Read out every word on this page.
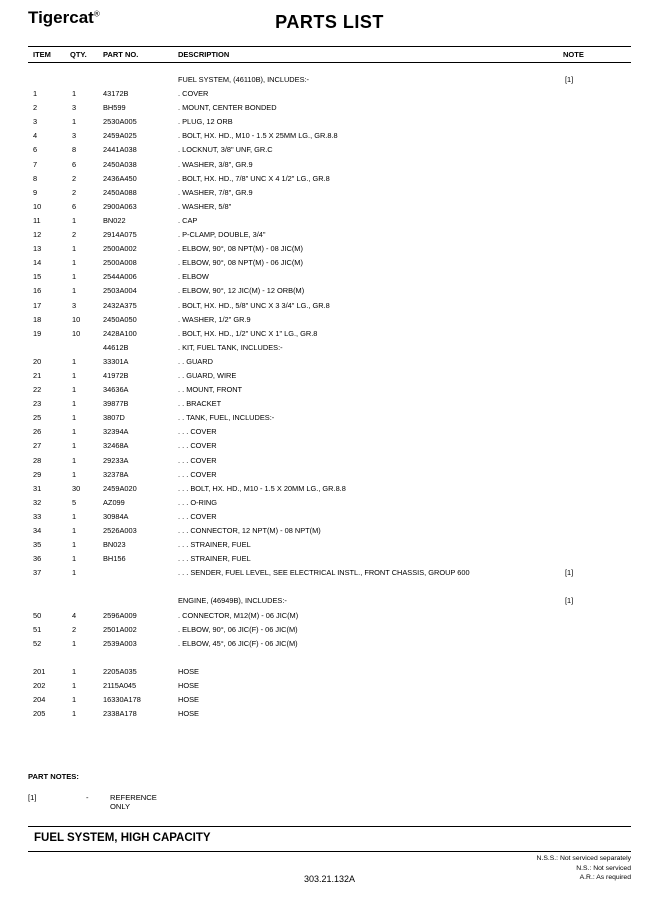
Tigercat®	PARTS LIST
ITEM	QTY. PART NO.	DESCRIPTION	NOTE
FUEL SYSTEM, (46110B), INCLUDES:-	[1]
1	1	43172B	. COVER
2	3	BH599	. MOUNT, CENTER BONDED
3	1	2530A005	. PLUG, 12 ORB
4	3	2459A025	. BOLT, HX. HD., M10 - 1.5 X 25MM LG., GR.8.8
6	8	2441A038	. LOCKNUT, 3/8" UNF, GR.C
7	6	2450A038	. WASHER, 3/8", GR.9
8	2	2436A450	. BOLT, HX. HD., 7/8" UNC X 4 1/2" LG., GR.8
9	2	2450A088	. WASHER, 7/8", GR.9
10	6	2900A063	. WASHER, 5/8"
11	1	BN022	. CAP
12	2	2914A075	. P-CLAMP, DOUBLE, 3/4"
13	1	2500A002	. ELBOW, 90°, 08 NPT(M) - 08 JIC(M)
14	1	2500A008	. ELBOW, 90°, 08 NPT(M) - 06 JIC(M)
15	1	2544A006	. ELBOW
16	1	2503A004	. ELBOW, 90°, 12 JIC(M) - 12 ORB(M)
17	3	2432A375	. BOLT, HX. HD., 5/8" UNC X 3 3/4" LG., GR.8
18	10	2450A050	. WASHER, 1/2" GR.9
19	10	2428A100	. BOLT, HX. HD., 1/2" UNC X 1" LG., GR.8
44612B	. KIT, FUEL TANK, INCLUDES:-
20	1	33301A	. . GUARD
21	1	41972B	. . GUARD, WIRE
22	1	34636A	. . MOUNT, FRONT
23	1	39877B	. . BRACKET
25	1	3807D	. . TANK, FUEL, INCLUDES:-
26	1	32394A	. . . COVER
27	1	32468A	. . . COVER
28	1	29233A	. . . COVER
29	1	32378A	. . . COVER
31	30	2459A020	. . . BOLT, HX. HD., M10 - 1.5 X 20MM LG., GR.8.8
32	5	AZ099	. . . O-RING
33	1	30984A	. . . COVER
34	1	2526A003	. . . CONNECTOR, 12 NPT(M) - 08 NPT(M)
35	1	BN023	. . . STRAINER, FUEL
36	1	BH156	. . . STRAINER, FUEL
37	1	. . . SENDER, FUEL LEVEL, SEE ELECTRICAL INSTL., FRONT CHASSIS, GROUP 600	[1]
ENGINE, (46949B), INCLUDES:-	[1]
50	4	2596A009	. CONNECTOR, M12(M) - 06 JIC(M)
51	2	2501A002	. ELBOW, 90°, 06 JIC(F) - 06 JIC(M)
52	1	2539A003	. ELBOW, 45°, 06 JIC(F) - 06 JIC(M)
201	1	2205A035	HOSE
202	1	2115A045	HOSE
204	1	16330A178	HOSE
205	1	2338A178	HOSE
PART NOTES:
[1]	-	REFERENCE ONLY
FUEL SYSTEM, HIGH CAPACITY
N.S.S.: Not serviced separately
N.S.: Not serviced
A.R.: As required
303.21.132A
